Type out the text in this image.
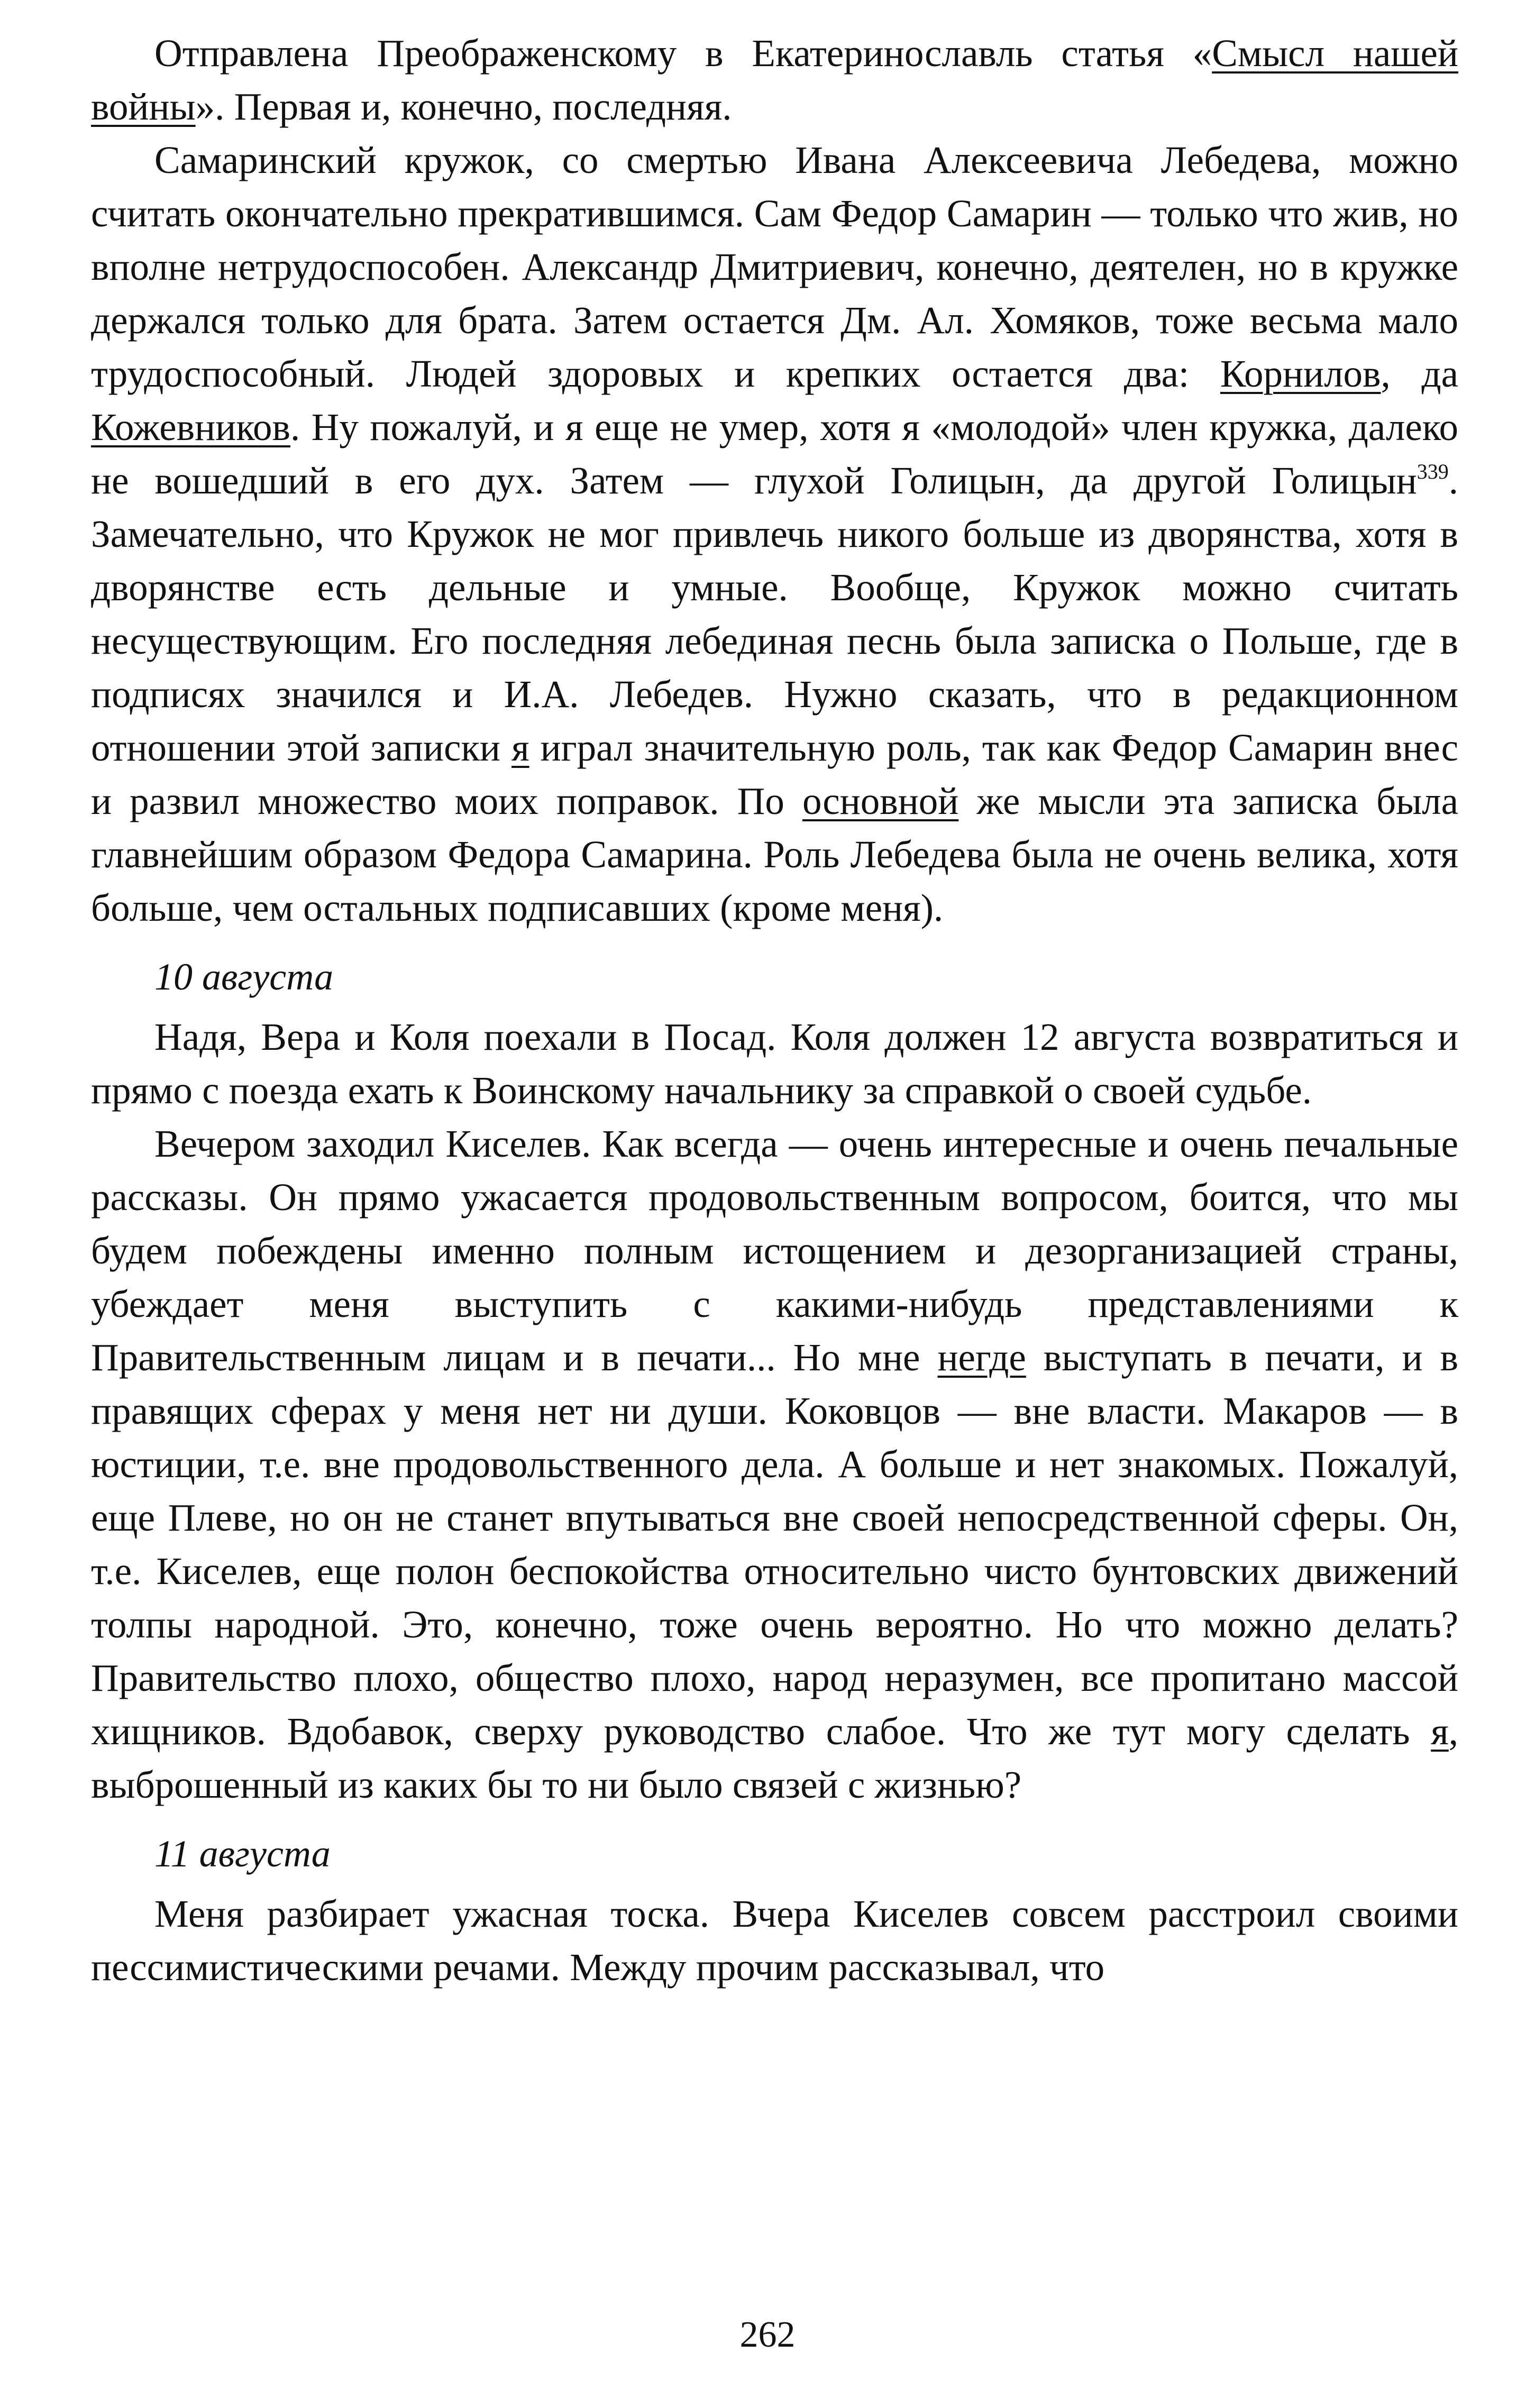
Отправлена Преображенскому в Екатеринославль статья «Смысл нашей войны». Первая и, конечно, последняя.

Самаринский кружок, со смертью Ивана Алексеевича Лебедева, можно считать окончательно прекратившимся. Сам Федор Самарин — только что жив, но вполне нетрудоспособен. Александр Дмитриевич, конечно, деятелен, но в кружке держался только для брата. Затем остается Дм. Ал. Хомяков, тоже весьма мало трудоспособный. Людей здоровых и крепких остается два: Корнилов, да Кожевников. Ну пожалуй, и я еще не умер, хотя я «молодой» член кружка, далеко не вошедший в его дух. Затем — глухой Голицын, да другой Голицын$^{339}$. Замечательно, что Кружок не мог привлечь никого больше из дворянства, хотя в дворянстве есть дельные и умные. Вообще, Кружок можно считать несуществующим. Его последняя лебединая песнь была записка о Польше, где в подписях значился и И.А. Лебедев. Нужно сказать, что в редакционном отношении этой записки я играл значительную роль, так как Федор Самарин внес и развил множество моих поправок. По основной же мысли эта записка была главнейшим образом Федора Самарина. Роль Лебедева была не очень велика, хотя больше, чем остальных подписавших (кроме меня).

10 августа

Надя, Вера и Коля поехали в Посад. Коля должен 12 августа возвратиться и прямо с поезда ехать к Воинскому начальнику за справкой о своей судьбе.

Вечером заходил Киселев. Как всегда — очень интересные и очень печальные рассказы. Он прямо ужасается продовольственным вопросом, боится, что мы будем побеждены именно полным истощением и дезорганизацией страны, убеждает меня выступить с какими-нибудь представлениями к Правительственным лицам и в печати... Но мне негде выступать в печати, и в правящих сферах у меня нет ни души. Коковцов — вне власти. Макаров — в юстиции, т.е. вне продовольственного дела. А больше и нет знакомых. Пожалуй, еще Плеве, но он не станет впутываться вне своей непосредственной сферы. Он, т.е. Киселев, еще полон беспокойства относительно чисто бунтовских движений толпы народной. Это, конечно, тоже очень вероятно. Но что можно делать? Правительство плохо, общество плохо, народ неразумен, все пропитано массой хищников. Вдобавок, сверху руководство слабое. Что же тут могу сделать я, выброшенный из каких бы то ни было связей с жизнью?

11 августа

Меня разбирает ужасная тоска. Вчера Киселев совсем расстроил своими пессимистическими речами. Между прочим рассказывал, что

262
